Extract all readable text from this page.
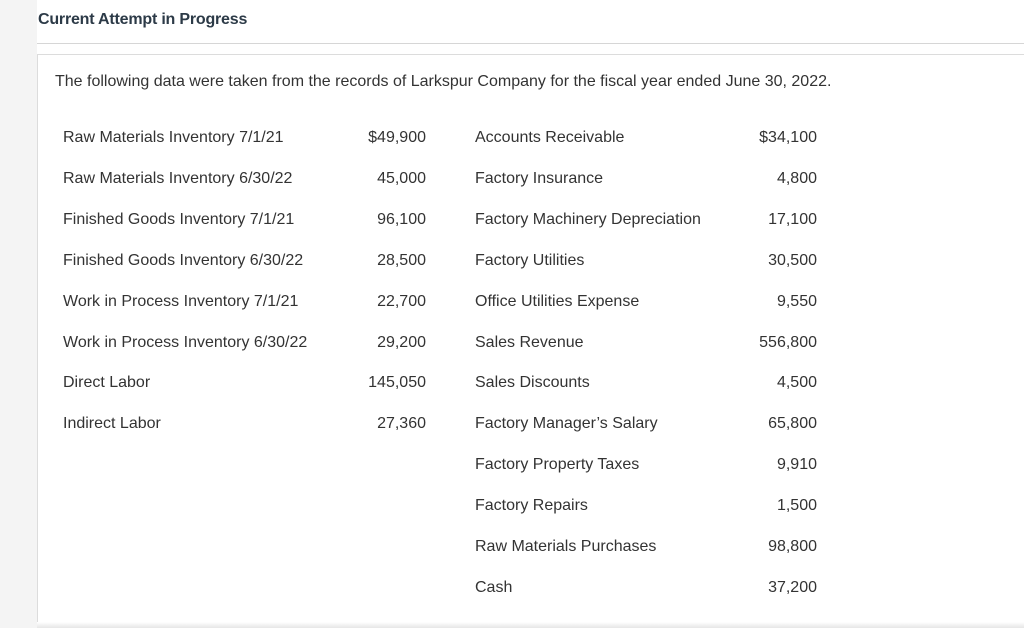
Current Attempt in Progress
The following data were taken from the records of Larkspur Company for the fiscal year ended June 30, 2022.
Raw Materials Inventory 7/1/21	$49,900
Raw Materials Inventory 6/30/22	45,000
Finished Goods Inventory 7/1/21	96,100
Finished Goods Inventory 6/30/22	28,500
Work in Process Inventory 7/1/21	22,700
Work in Process Inventory 6/30/22	29,200
Direct Labor	145,050
Indirect Labor	27,360
Accounts Receivable	$34,100
Factory Insurance	4,800
Factory Machinery Depreciation	17,100
Factory Utilities	30,500
Office Utilities Expense	9,550
Sales Revenue	556,800
Sales Discounts	4,500
Factory Manager’s Salary	65,800
Factory Property Taxes	9,910
Factory Repairs	1,500
Raw Materials Purchases	98,800
Cash	37,200
